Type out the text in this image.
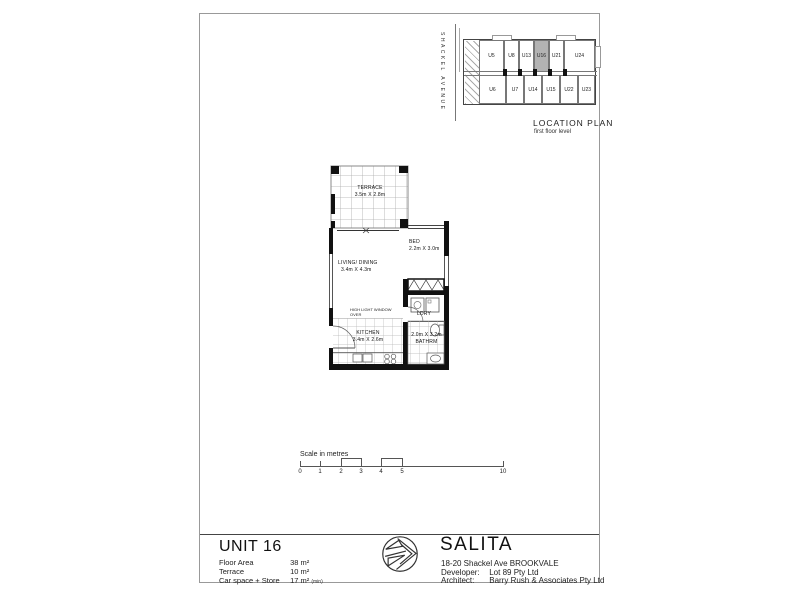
SHACKEL AVENUE	U5	U8 U13 U16 U21	U24
U6	U7 U14 U15 U22 U23
LOCATION PLAN
first floor level
TERRACE
3.5m X 2.8m
BED
2.2m X 3.0m
LIVING/ DINING
3.4m X 4.3m
HIGH LIGHT WINDOW
OVER
KITCHEN
3.4m X 2.6m
LDRY
2.0m X 3.2m
BATHRM
Scale in metres
0	1	2	3	4	5	10
UNIT 16
Floor Area	38 m²
Terrace	10 m²
Car space + Store 17 m² (min)
SALITA
18-20 Shackel Ave BROOKVALE
Developer: Lot 89 Pty Ltd
Architect: Barry Rush & Associates Pty Ltd
